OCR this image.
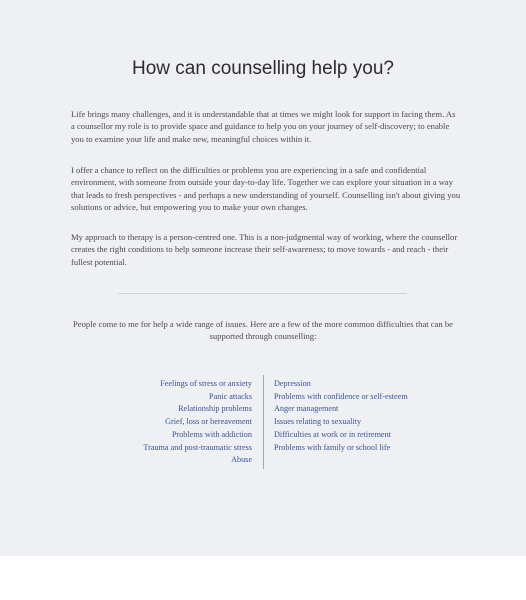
How can counselling help you?

Life brings many challenges, and it is understandable that at times we might look for support in facing them. As a counsellor my role is to provide space and guidance to help you on your journey of self-discovery; to enable you to examine your life and make new, meaningful choices within it.

I offer a chance to reflect on the difficulties or problems you are experiencing in a safe and confidential environment, with someone from outside your day-to-day life. Together we can explore your situation in a way that leads to fresh perspectives - and perhaps a new understanding of yourself. Counselling isn't about giving you solutions or advice, but empowering you to make your own changes.

My approach to therapy is a person-centred one. This is a non-judgmental way of working, where the counsellor creates the right conditions to help someone increase their self-awareness; to move towards - and reach - their fullest potential.

People come to me for help a wide range of issues. Here are a few of the more common difficulties that can be supported through counselling:

Feelings of stress or anxiety
Panic attacks
Relationship problems
Grief, loss or bereavement
Problems with addiction
Trauma and post-traumatic stress
Abuse
Depression
Problems with confidence or self-esteem
Anger management
Issues relating to sexuality
Difficulties at work or in retirement
Problems with family or school life
